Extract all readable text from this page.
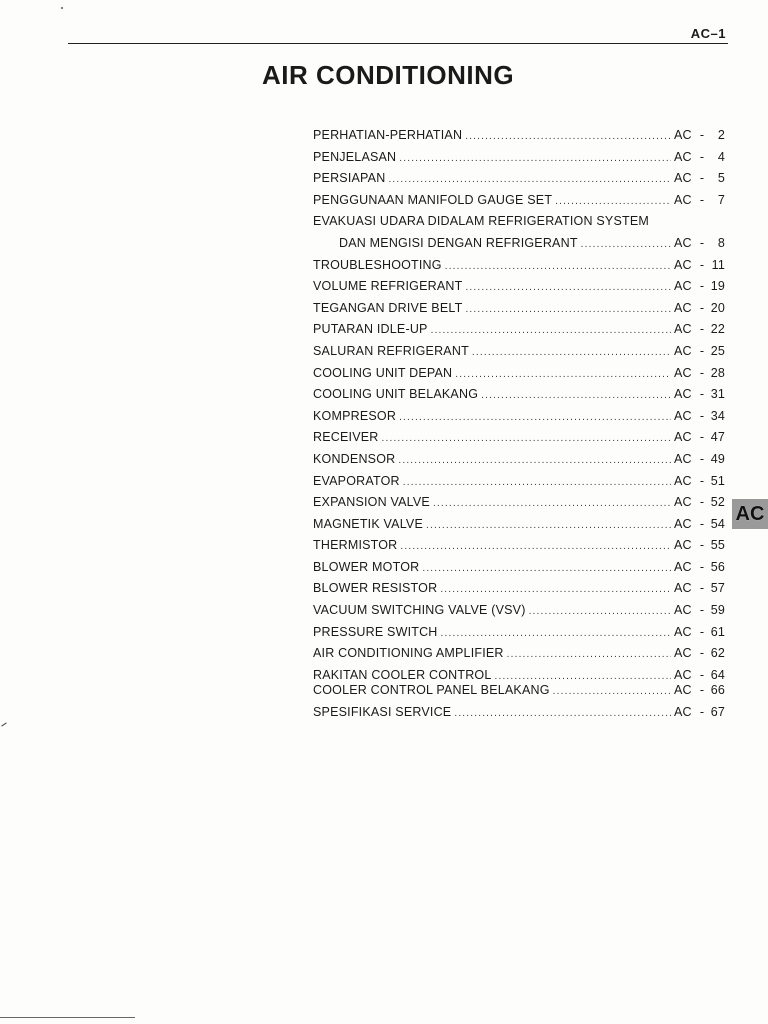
AC–1
AIR CONDITIONING
PERHATIAN-PERHATIAN .....	AC -	2
PENJELASAN .....	AC -	4
PERSIAPAN .....	AC -	5
PENGGUNAAN MANIFOLD GAUGE SET .....	AC -	7
EVAKUASI UDARA DIDALAM REFRIGERATION SYSTEM
DAN MENGISI DENGAN REFRIGERANT .....	AC -	8
TROUBLESHOOTING .....	AC - 11
VOLUME REFRIGERANT .....	AC - 19
TEGANGAN DRIVE BELT .....	AC - 20
PUTARAN IDLE-UP .....	AC - 22
SALURAN REFRIGERANT .....	AC - 25
COOLING UNIT DEPAN .....	AC - 28
COOLING UNIT BELAKANG .....	AC - 31
KOMPRESOR .....	AC - 34
RECEIVER .....	AC - 47
KONDENSOR .....	AC - 49
EVAPORATOR .....	AC - 51
EXPANSION VALVE .....	AC - 52
MAGNETIK VALVE .....	AC - 54
THERMISTOR .....	AC - 55
BLOWER MOTOR .....	AC - 56
BLOWER RESISTOR .....	AC - 57
VACUUM SWITCHING VALVE (VSV) .....	AC - 59
PRESSURE SWITCH .....	AC - 61
AIR CONDITIONING AMPLIFIER .....	AC - 62
RAKITAN COOLER CONTROL .....	AC - 64
COOLER CONTROL PANEL BELAKANG .....	AC - 66
SPESIFIKASI SERVICE .....	AC - 67
AC
